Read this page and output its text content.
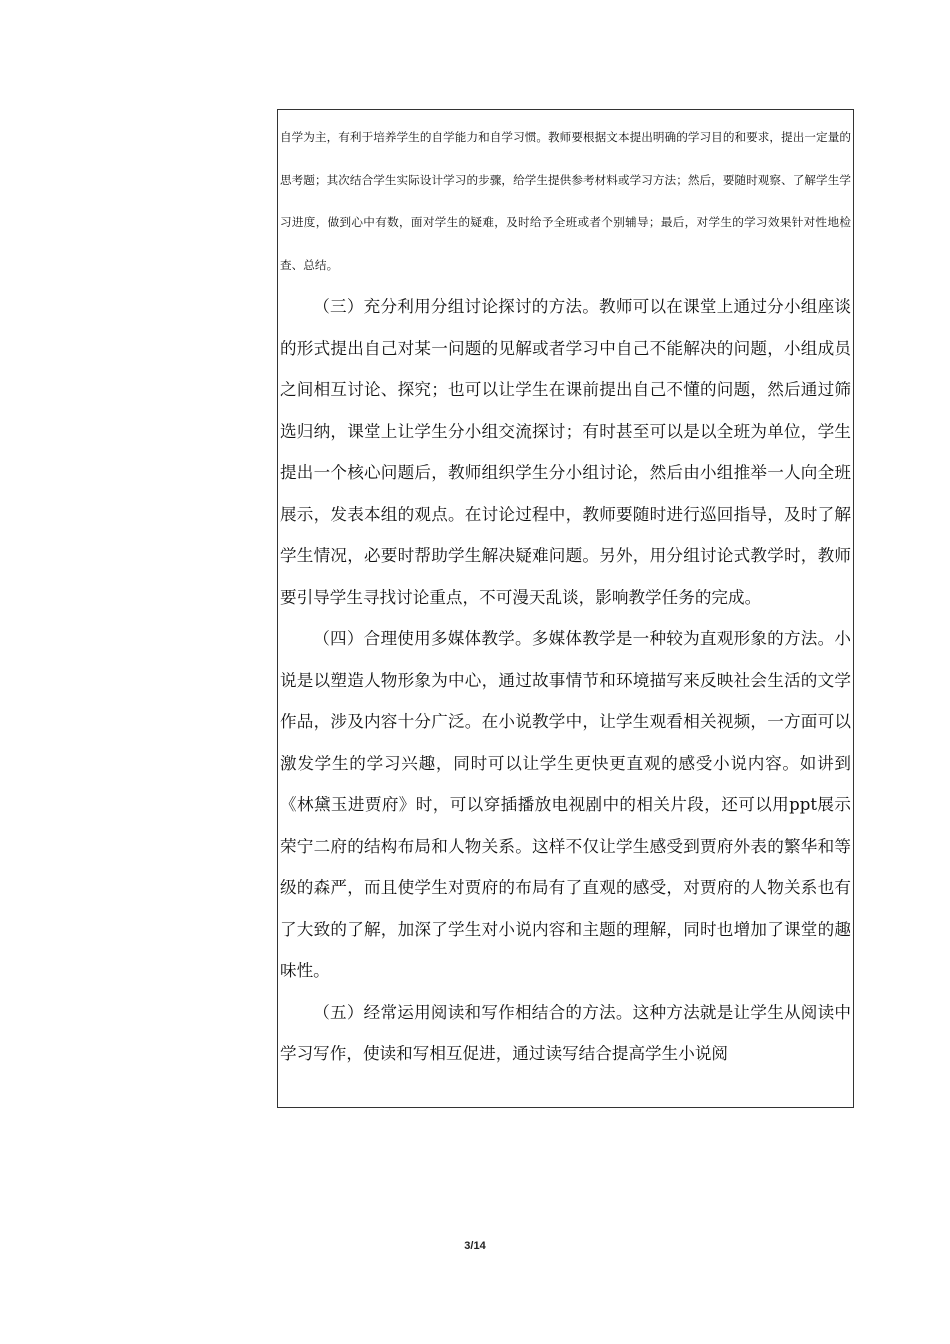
自学为主，有利于培养学生的自学能力和自学习惯。教师要根据文本提出明确的学习目的和要求，提出一定量的思考题；其次结合学生实际设计学习的步骤，给学生提供参考材料或学习方法；然后，要随时观察、了解学生学习进度，做到心中有数，面对学生的疑难，及时给予全班或者个别辅导；最后，对学生的学习效果针对性地检查、总结。

（三）充分利用分组讨论探讨的方法。教师可以在课堂上通过分小组座谈的形式提出自己对某一问题的见解或者学习中自己不能解决的问题，小组成员之间相互讨论、探究；也可以让学生在课前提出自己不懂的问题，然后通过筛选归纳，课堂上让学生分小组交流探讨；有时甚至可以是以全班为单位，学生提出一个核心问题后，教师组织学生分小组讨论，然后由小组推举一人向全班展示，发表本组的观点。在讨论过程中，教师要随时进行巡回指导，及时了解学生情况，必要时帮助学生解决疑难问题。另外，用分组讨论式教学时，教师要引导学生寻找讨论重点，不可漫天乱谈，影响教学任务的完成。

（四）合理使用多媒体教学。多媒体教学是一种较为直观形象的方法。小说是以塑造人物形象为中心，通过故事情节和环境描写来反映社会生活的文学作品，涉及内容十分广泛。在小说教学中，让学生观看相关视频，一方面可以激发学生的学习兴趣，同时可以让学生更快更直观的感受小说内容。如讲到《林黛玉进贾府》时，可以穿插播放电视剧中的相关片段，还可以用ppt展示荣宁二府的结构布局和人物关系。这样不仅让学生感受到贾府外表的繁华和等级的森严，而且使学生对贾府的布局有了直观的感受，对贾府的人物关系也有了大致的了解，加深了学生对小说内容和主题的理解，同时也增加了课堂的趣味性。

（五）经常运用阅读和写作相结合的方法。这种方法就是让学生从阅读中学习写作，使读和写相互促进，通过读写结合提高学生小说阅

3/14
